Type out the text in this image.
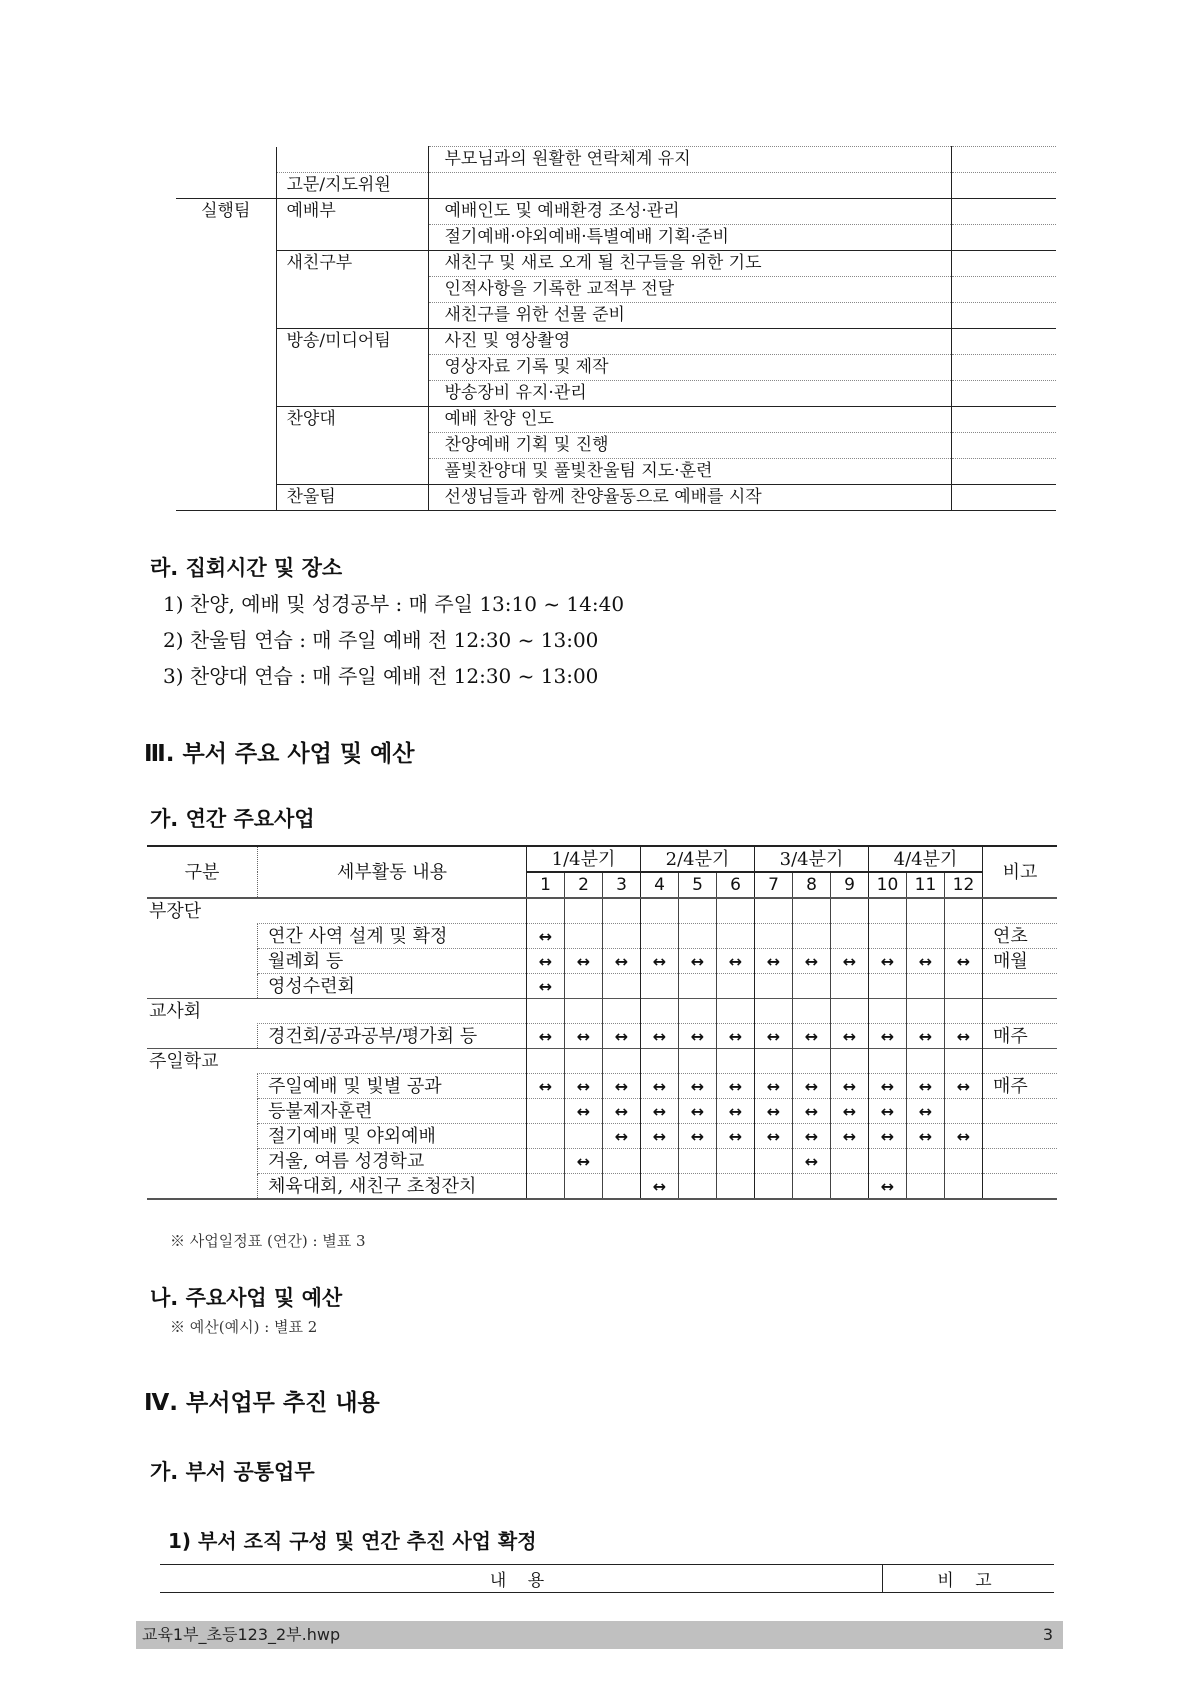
		부모님과의 원활한 연락체계 유지	
	고문/지도위원		
실행팀	예배부	예배인도 및 예배환경 조성·관리	
		절기예배·야외예배·특별예배 기획·준비	
	새친구부	새친구 및 새로 오게 될 친구들을 위한 기도	
		인적사항을 기록한 교적부 전달	
		새친구를 위한 선물 준비	
	방송/미디어팀	사진 및 영상촬영	
		영상자료 기록 및 제작	
		방송장비 유지·관리	
	찬양대	예배 찬양 인도	
		찬양예배 기획 및 진행	
		풀빛찬양대 및 풀빛찬울팀 지도·훈련	
	찬울팀	선생님들과 함께 찬양율동으로 예배를 시작	
라. 집회시간 및 장소
1) 찬양, 예배 및 성경공부 : 매 주일 13:10 ~ 14:40
2) 찬울팀 연습 : 매 주일 예배 전 12:30 ~ 13:00
3) 찬양대 연습 : 매 주일 예배 전 12:30 ~ 13:00
Ⅲ. 부서 주요 사업 및 예산
가. 연간 주요사업
구분	세부활동 내용	1/4분기			2/4분기			3/4분기			4/4분기			비고
		1	2	3	4	5	6	7	8	9	10	11	12	
부장단														
	연간 사역 설계 및 확정	↔												연초
	월례회 등	↔	↔	↔	↔	↔	↔	↔	↔	↔	↔	↔	↔	매월
	영성수련회	↔												
교사회														
	경건회/공과공부/평가회 등	↔	↔	↔	↔	↔	↔	↔	↔	↔	↔	↔	↔	매주
주일학교														
	주일예배 및 빛별 공과	↔	↔	↔	↔	↔	↔	↔	↔	↔	↔	↔	↔	매주
	등불제자훈련		↔	↔	↔	↔	↔	↔	↔	↔	↔	↔		
	절기예배 및 야외예배			↔	↔	↔	↔	↔	↔	↔	↔	↔	↔	
	겨울, 여름 성경학교		↔						↔					
	체육대회, 새친구 초청잔치				↔						↔			
※ 사업일정표 (연간) : 별표 3
나. 주요사업 및 예산
※ 예산(예시) : 별표 2
Ⅳ. 부서업무 추진 내용
가. 부서 공통업무
1) 부서 조직 구성 및 연간 추진 사업 확정
내 용	비 고
교육1부_초등123_2부.hwp	3
